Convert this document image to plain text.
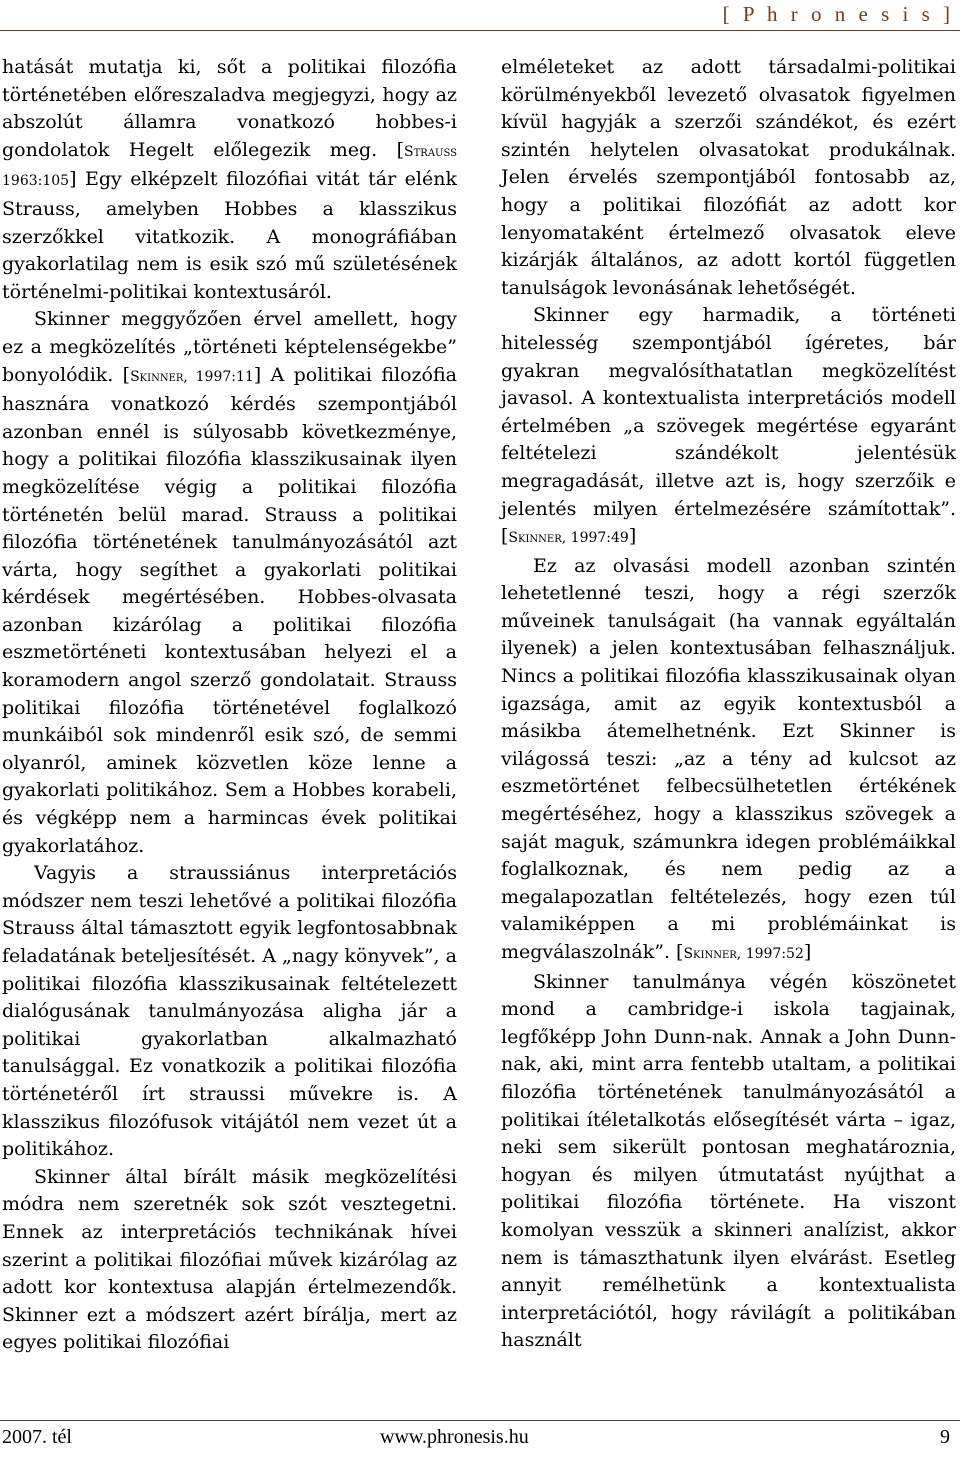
[ P h r o n e s i s ]

hatását mutatja ki, sőt a politikai filozófia történetében előreszaladva megjegyzi, hogy az abszolút államra vonatkozó hobbes-i gondolatok Hegelt előlegezik meg. [Strauss 1963:105] Egy elképzelt filozófiai vitát tár elénk Strauss, amelyben Hobbes a klasszikus szerzőkkel vitatkozik. A monográfiában gyakorlatilag nem is esik szó mű születésének történelmi-politikai kontextusáról.

Skinner meggyőzően érvel amellett, hogy ez a megközelítés „történeti képtelenségekbe” bonyolódik. [Skinner, 1997:11] A politikai filozófia hasznára vonatkozó kérdés szempontjából azonban ennél is súlyosabb következménye, hogy a politikai filozófia klasszikusainak ilyen megközelítése végig a politikai filozófia történetén belül marad. Strauss a politikai filozófia történetének tanulmányozásától azt várta, hogy segíthet a gyakorlati politikai kérdések megértésében. Hobbes-olvasata azonban kizárólag a politikai filozófia eszmetörténeti kontextusában helyezi el a koramodern angol szerző gondolatait. Strauss politikai filozófia történetével foglalkozó munkáiból sok mindenről esik szó, de semmi olyanról, aminek közvetlen köze lenne a gyakorlati politikához. Sem a Hobbes korabeli, és végképp nem a harmincas évek politikai gyakorlatához.

Vagyis a straussiánus interpretációs módszer nem teszi lehetővé a politikai filozófia Strauss által támasztott egyik legfontosabbnak feladatának beteljesítését. A „nagy könyvek”, a politikai filozófia klasszikusainak feltételezett dialógusának tanulmányozása aligha jár a politikai gyakorlatban alkalmazható tanulsággal. Ez vonatkozik a politikai filozófia történetéről írt straussi művekre is. A klasszikus filozófusok vitájától nem vezet út a politikához.

Skinner által bírált másik megközelítési módra nem szeretnék sok szót vesztegetni. Ennek az interpretációs technikának hívei szerint a politikai filozófiai művek kizárólag az adott kor kontextusa alapján értelmezendők. Skinner ezt a módszert azért bírálja, mert az egyes politikai filozófiai

elméleteket az adott társadalmi-politikai körülményekből levezető olvasatok figyelmen kívül hagyják a szerzői szándékot, és ezért szintén helytelen olvasatokat produkálnak. Jelen érvelés szempontjából fontosabb az, hogy a politikai filozófiát az adott kor lenyomataként értelmező olvasatok eleve kizárják általános, az adott kortól független tanulságok levonásának lehetőségét.

Skinner egy harmadik, a történeti hitelesség szempontjából ígéretes, bár gyakran megvalósíthatatlan megközelítést javasol. A kontextualista interpretációs modell értelmében „a szövegek megértése egyaránt feltételezi szándékolt jelentésük megragadását, illetve azt is, hogy szerzőik e jelentés milyen értelmezésére számítottak”. [Skinner, 1997:49]

Ez az olvasási modell azonban szintén lehetetlenné teszi, hogy a régi szerzők műveinek tanulságait (ha vannak egyáltalán ilyenek) a jelen kontextusában felhasználjuk. Nincs a politikai filozófia klasszikusainak olyan igazsága, amit az egyik kontextusból a másikba átemelhetnénk. Ezt Skinner is világossá teszi: „az a tény ad kulcsot az eszmetörténet felbecsülhetetlen értékének megértéséhez, hogy a klasszikus szövegek a saját maguk, számunkra idegen problémáikkal foglalkoznak, és nem pedig az a megalapozatlan feltételezés, hogy ezen túl valamiképpen a mi problémáinkat is megválaszolnák”. [Skinner, 1997:52]

Skinner tanulmánya végén köszönetet mond a cambridge-i iskola tagjainak, legfőképp John Dunn-nak. Annak a John Dunn-nak, aki, mint arra fentebb utaltam, a politikai filozófia történetének tanulmányozásától a politikai ítéletalkotás elősegítését várta – igaz, neki sem sikerült pontosan meghatároznia, hogyan és milyen útmutatást nyújthat a politikai filozófia története. Ha viszont komolyan vesszük a skinneri analízist, akkor nem is támaszthatunk ilyen elvárást. Esetleg annyit remélhetünk a kontextualista interpretációtól, hogy rávilágít a politikában használt

2007. tél	www.phronesis.hu	9
